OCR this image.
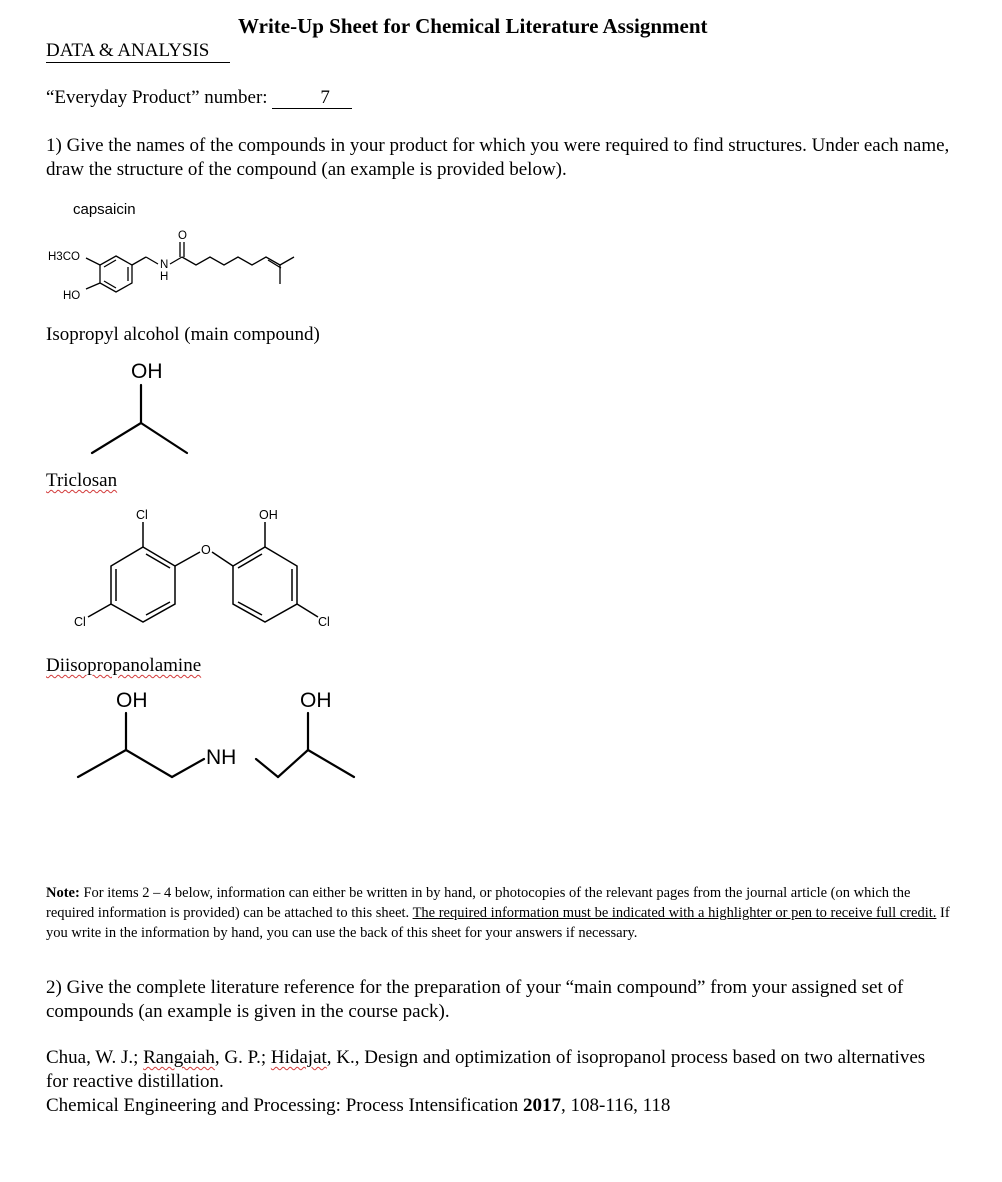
Write-Up Sheet for Chemical Literature Assignment
DATA & ANALYSIS
“Everyday Product” number:	7
1) Give the names of the compounds in your product for which you were required to find structures. Under each name, draw the structure of the compound (an example is provided below).
capsaicin
H3CO
HO
O
N
H
Isopropyl alcohol (main compound)
OH
Triclosan
Cl	OH
O
Cl	Cl
Diisopropanolamine
OH	OH
NH
Note: For items 2 – 4 below, information can either be written in by hand, or photocopies of the relevant pages from the journal article (on which the required information is provided) can be attached to this sheet. The required information must be indicated with a highlighter or pen to receive full credit. If you write in the information by hand, you can use the back of this sheet for your answers if necessary.
2) Give the complete literature reference for the preparation of your “main compound” from your assigned set of compounds (an example is given in the course pack).
Chua, W. J.; Rangaiah, G. P.; Hidajat, K., Design and optimization of isopropanol process based on two alternatives for reactive distillation.
Chemical Engineering and Processing: Process Intensification 2017, 108-116, 118
